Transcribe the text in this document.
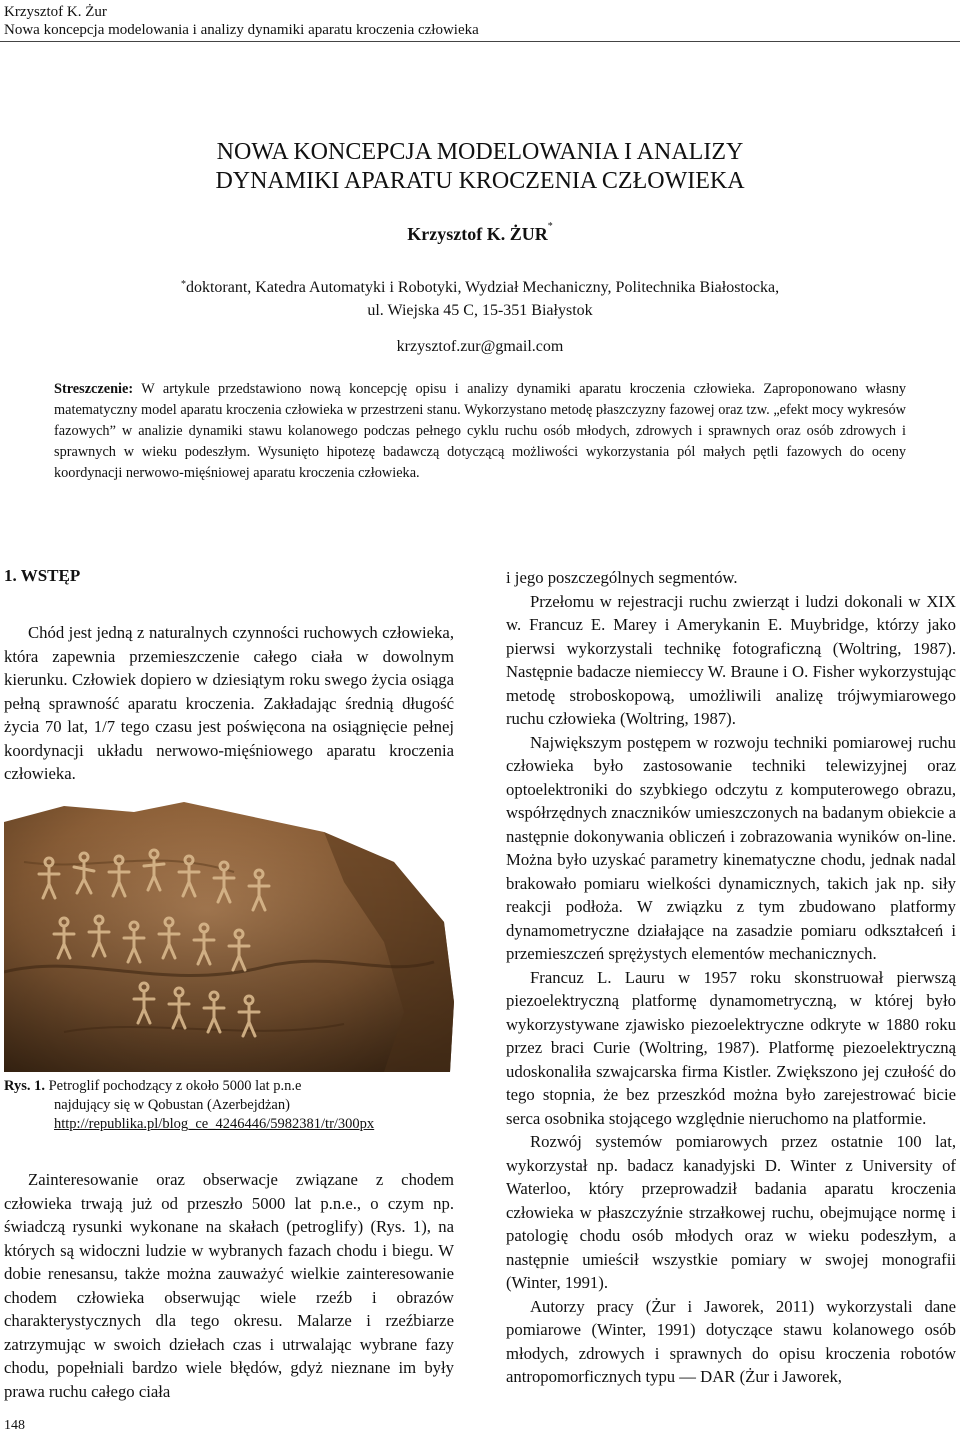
Krzysztof K. Żur
Nowa koncepcja modelowania i analizy dynamiki aparatu kroczenia człowieka
NOWA KONCEPCJA MODELOWANIA I ANALIZY
DYNAMIKI APARATU KROCZENIA CZŁOWIEKA
Krzysztof K. ŻUR*
*doktorant, Katedra Automatyki i Robotyki, Wydział Mechaniczny, Politechnika Białostocka,
ul. Wiejska 45 C, 15-351 Białystok
krzysztof.zur@gmail.com
Streszczenie: W artykule przedstawiono nową koncepcję opisu i analizy dynamiki aparatu kroczenia człowieka. Zaproponowano własny matematyczny model aparatu kroczenia człowieka w przestrzeni stanu. Wykorzystano metodę płaszczyzny fazowej oraz tzw. „efekt mocy wykresów fazowych” w analizie dynamiki stawu kolanowego podczas pełnego cyklu ruchu osób młodych, zdrowych i sprawnych oraz osób zdrowych i sprawnych w wieku podeszłym. Wysunięto hipotezę badawczą dotyczącą możliwości wykorzystania pól małych pętli fazowych do oceny koordynacji nerwowo-mięśniowej aparatu kroczenia człowieka.
1. WSTĘP

Chód jest jedną z naturalnych czynności ruchowych człowieka, która zapewnia przemieszczenie całego ciała w dowolnym kierunku. Człowiek dopiero w dziesiątym roku swego życia osiąga pełną sprawność aparatu kroczenia. Zakładając średnią długość życia 70 lat, 1/7 tego czasu jest poświęcona na osiągnięcie pełnej koordynacji układu nerwowo-mięśniowego aparatu kroczenia człowieka.

Rys. 1. Petroglif pochodzący z około 5000 lat p.n.e
najdujący się w Qobustan (Azerbejdżan)
http://republika.pl/blog_ce_4246446/5982381/tr/300px

Zainteresowanie oraz obserwacje związane z chodem człowieka trwają już od przeszło 5000 lat p.n.e., o czym np. świadczą rysunki wykonane na skałach (petroglify) (Rys. 1), na których są widoczni ludzie w wybranych fazach chodu i biegu. W dobie renesansu, także można zauważyć wielkie zainteresowanie chodem człowieka obserwując wiele rzeźb i obrazów charakterystycznych dla tego okresu. Malarze i rzeźbiarze zatrzymując w swoich dziełach czas i utrwalając wybrane fazy chodu, popełniali bardzo wiele błędów, gdyż nieznane im były prawa ruchu całego ciała

i jego poszczególnych segmentów.

Przełomu w rejestracji ruchu zwierząt i ludzi dokonali w XIX w. Francuz E. Marey i Amerykanin E. Muybridge, którzy jako pierwsi wykorzystali technikę fotograficzną (Woltring, 1987). Następnie badacze niemieccy W. Braune i O. Fisher wykorzystując metodę stroboskopową, umożliwili analizę trójwymiarowego ruchu człowieka (Woltring, 1987).

Największym postępem w rozwoju techniki pomiarowej ruchu człowieka było zastosowanie techniki telewizyjnej oraz optoelektroniki do szybkiego odczytu z komputerowego obrazu, współrzędnych znaczników umieszczonych na badanym obiekcie a następnie dokonywania obliczeń i zobrazowania wyników on-line. Można było uzyskać parametry kinematyczne chodu, jednak nadal brakowało pomiaru wielkości dynamicznych, takich jak np. siły reakcji podłoża. W związku z tym zbudowano platformy dynamometryczne działające na zasadzie pomiaru odkształceń i przemieszczeń sprężystych elementów mechanicznych.

Francuz L. Lauru w 1957 roku skonstruował pierwszą piezoelektryczną platformę dynamometryczną, w której było wykorzystywane zjawisko piezoelektryczne odkryte w 1880 roku przez braci Curie (Woltring, 1987). Platformę piezoelektryczną udoskonaliła szwajcarska firma Kistler. Zwiększono jej czułość do tego stopnia, że bez przeszkód można było zarejestrować bicie serca osobnika stojącego względnie nieruchomo na platformie.

Rozwój systemów pomiarowych przez ostatnie 100 lat, wykorzystał np. badacz kanadyjski D. Winter z University of Waterloo, który przeprowadził badania aparatu kroczenia człowieka w płaszczyźnie strzałkowej ruchu, obejmujące normę i patologię chodu osób młodych oraz w wieku podeszłym, a następnie umieścił wszystkie pomiary w swojej monografii (Winter, 1991).

Autorzy pracy (Żur i Jaworek, 2011) wykorzystali dane pomiarowe (Winter, 1991) dotyczące stawu kolanowego osób młodych, zdrowych i sprawnych do opisu kroczenia robotów antropomorficznych typu — DAR (Żur i Jaworek,

148
